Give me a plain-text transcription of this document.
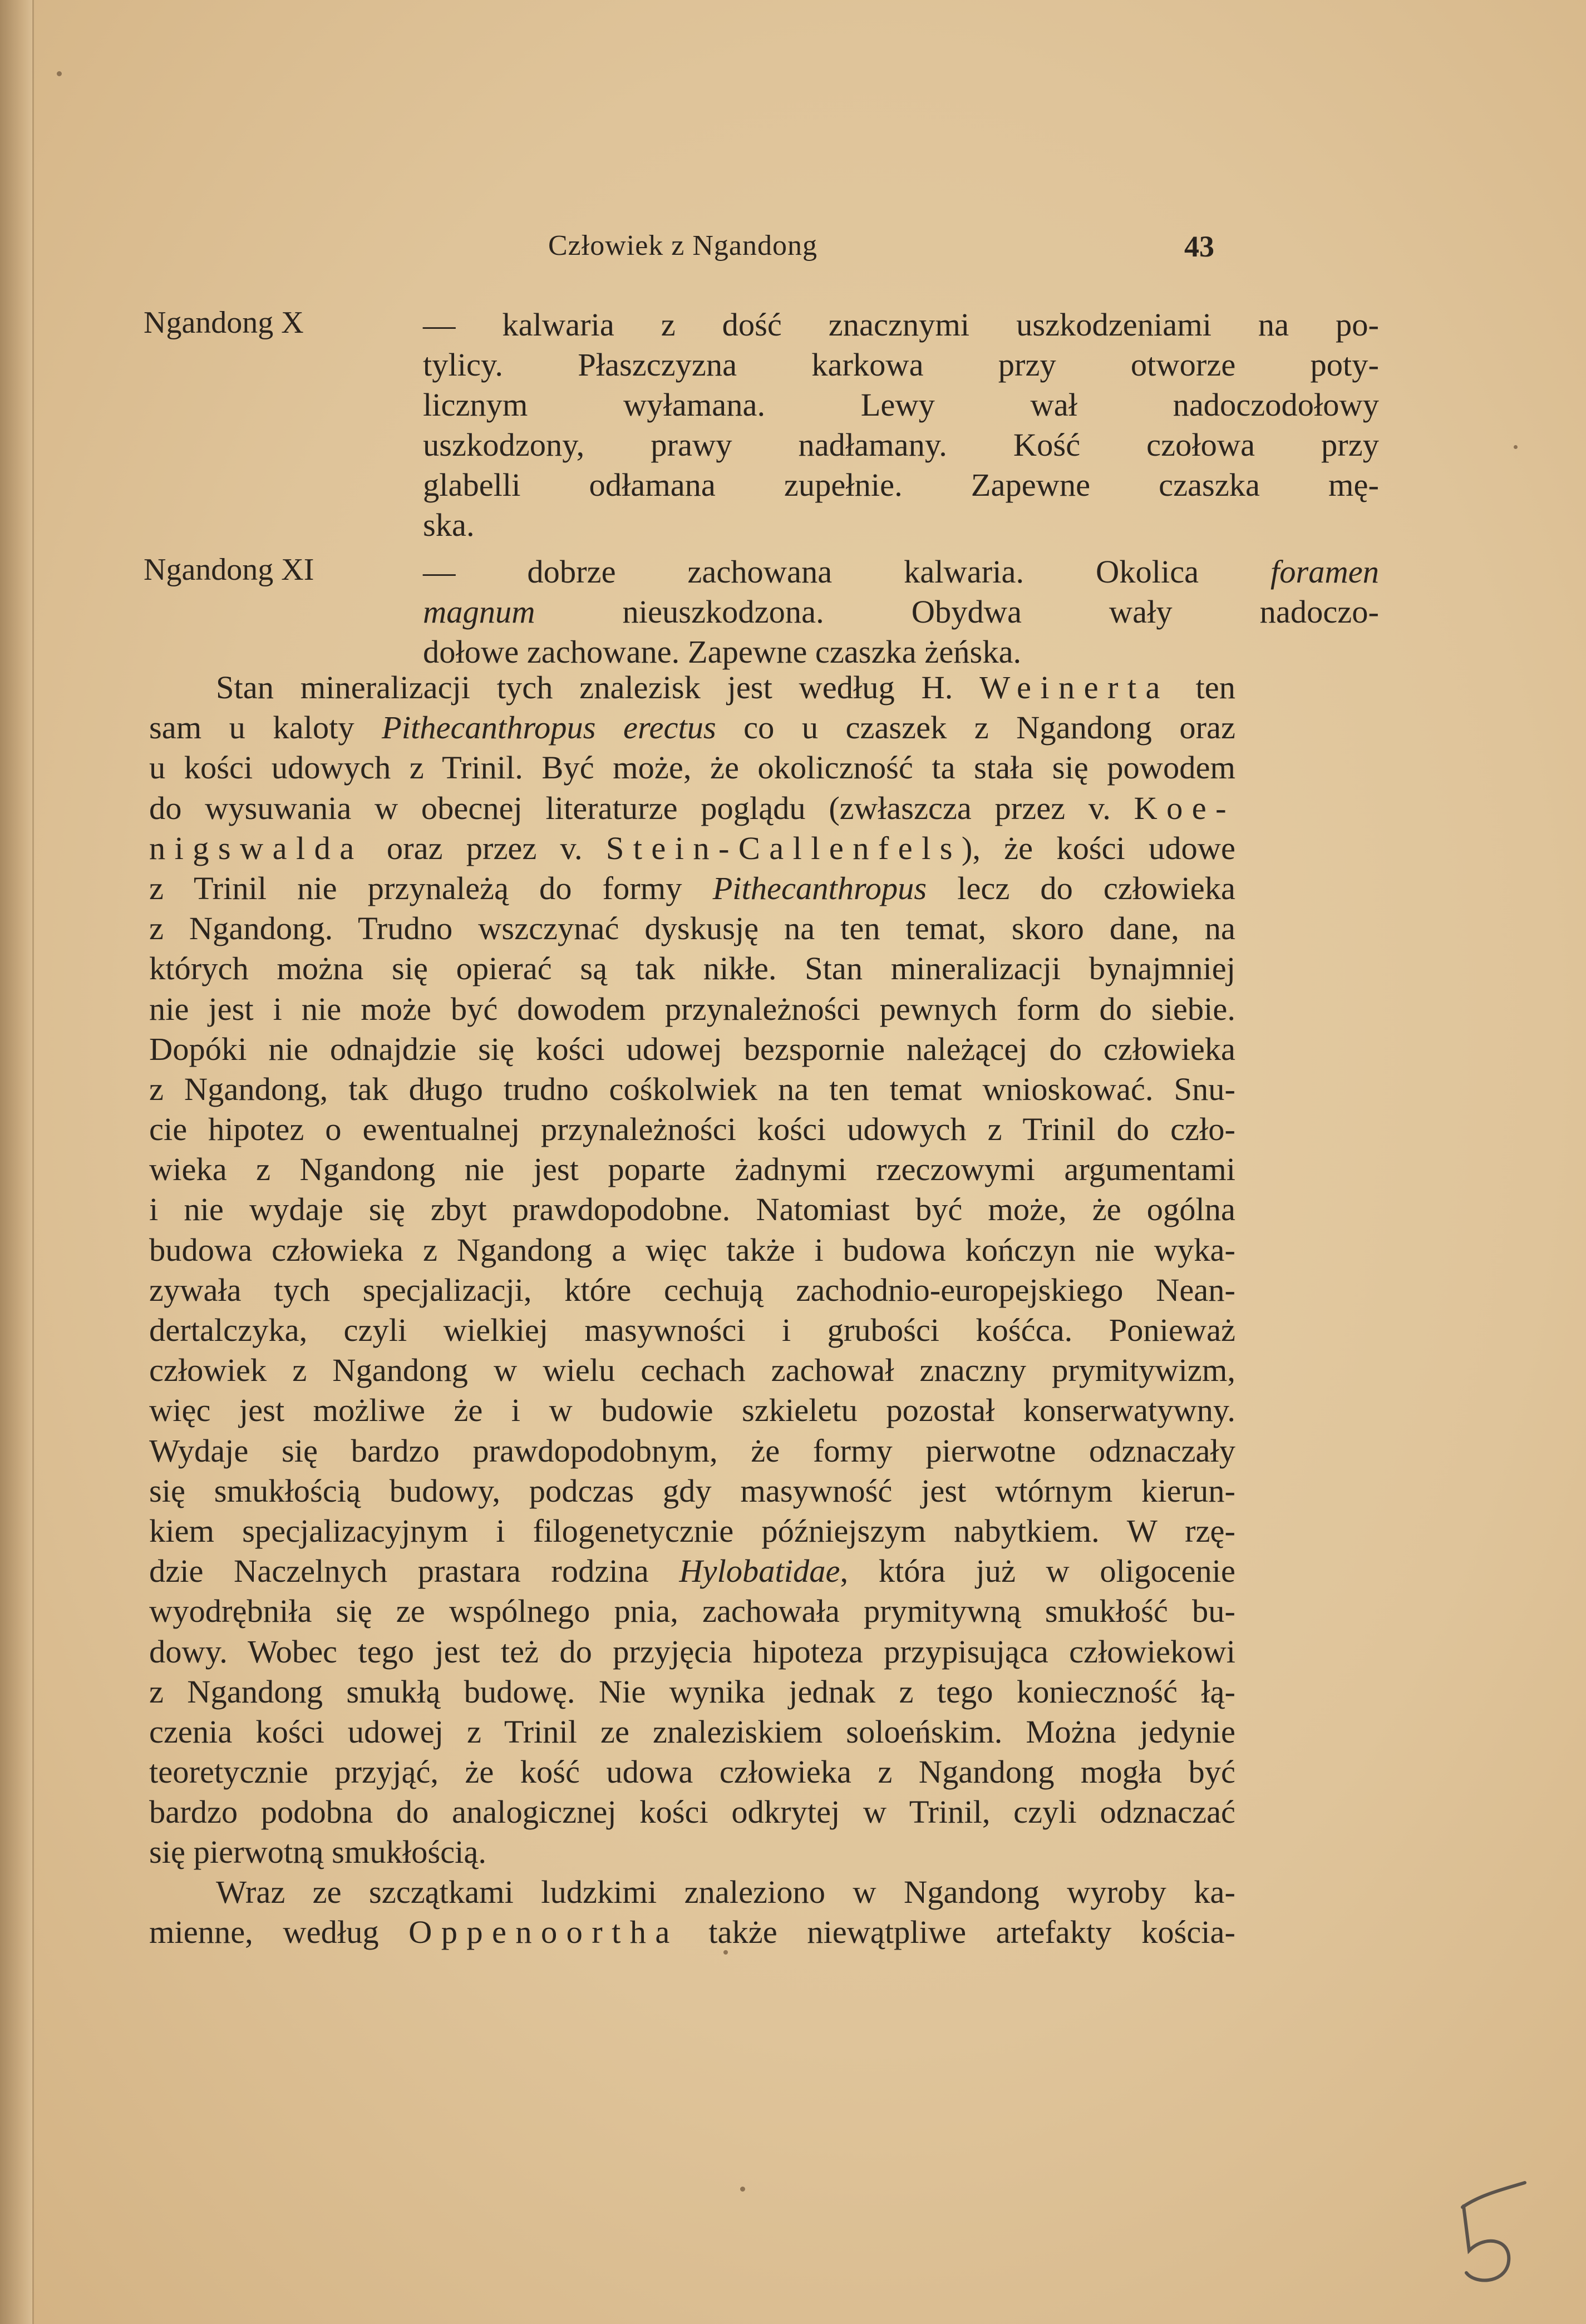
Człowiek z Ngandong	43
Ngandong X	— kalwaria z dość znacznymi uszkodzeniami na po-
tylicy. Płaszczyzna karkowa przy otworze poty-
licznym wyłamana. Lewy wał nadoczodołowy
uszkodzony, prawy nadłamany. Kość czołowa przy
glabelli odłamana zupełnie. Zapewne czaszka mę-
ska.
Ngandong XI	— dobrze zachowana kalwaria. Okolica foramen
magnum nieuszkodzona. Obydwa wały nadoczo-
dołowe zachowane. Zapewne czaszka żeńska.
Stan mineralizacji tych znalezisk jest według H. Weinerta ten
sam u kaloty Pithecanthropus erectus co u czaszek z Ngandong oraz
u kości udowych z Trinil. Być może, że okoliczność ta stała się powodem
do wysuwania w obecnej literaturze poglądu (zwłaszcza przez v. Koe-
nigswalda oraz przez v. Stein-Callenfels), że kości udowe
z Trinil nie przynależą do formy Pithecanthropus lecz do człowieka
z Ngandong. Trudno wszczynać dyskusję na ten temat, skoro dane, na
których można się opierać są tak nikłe. Stan mineralizacji bynajmniej
nie jest i nie może być dowodem przynależności pewnych form do siebie.
Dopóki nie odnajdzie się kości udowej bezspornie należącej do człowieka
z Ngandong, tak długo trudno cośkolwiek na ten temat wnioskować. Snu-
cie hipotez o ewentualnej przynależności kości udowych z Trinil do czło-
wieka z Ngandong nie jest poparte żadnymi rzeczowymi argumentami
i nie wydaje się zbyt prawdopodobne. Natomiast być może, że ogólna
budowa człowieka z Ngandong a więc także i budowa kończyn nie wyka-
zywała tych specjalizacji, które cechują zachodnio-europejskiego Nean-
dertalczyka, czyli wielkiej masywności i grubości kośćca. Ponieważ
człowiek z Ngandong w wielu cechach zachował znaczny prymitywizm,
więc jest możliwe że i w budowie szkieletu pozostał konserwatywny.
Wydaje się bardzo prawdopodobnym, że formy pierwotne odznaczały
się smukłością budowy, podczas gdy masywność jest wtórnym kierun-
kiem specjalizacyjnym i filogenetycznie późniejszym nabytkiem. W rzę-
dzie Naczelnych prastara rodzina Hylobatidae, która już w oligocenie
wyodrębniła się ze wspólnego pnia, zachowała prymitywną smukłość bu-
dowy. Wobec tego jest też do przyjęcia hipoteza przypisująca człowiekowi
z Ngandong smukłą budowę. Nie wynika jednak z tego konieczność łą-
czenia kości udowej z Trinil ze znaleziskiem soloeńskim. Można jedynie
teoretycznie przyjąć, że kość udowa człowieka z Ngandong mogła być
bardzo podobna do analogicznej kości odkrytej w Trinil, czyli odznaczać
się pierwotną smukłością.
Wraz ze szczątkami ludzkimi znaleziono w Ngandong wyroby ka-
mienne, według Oppenoortha także niewątpliwe artefakty kościa-
